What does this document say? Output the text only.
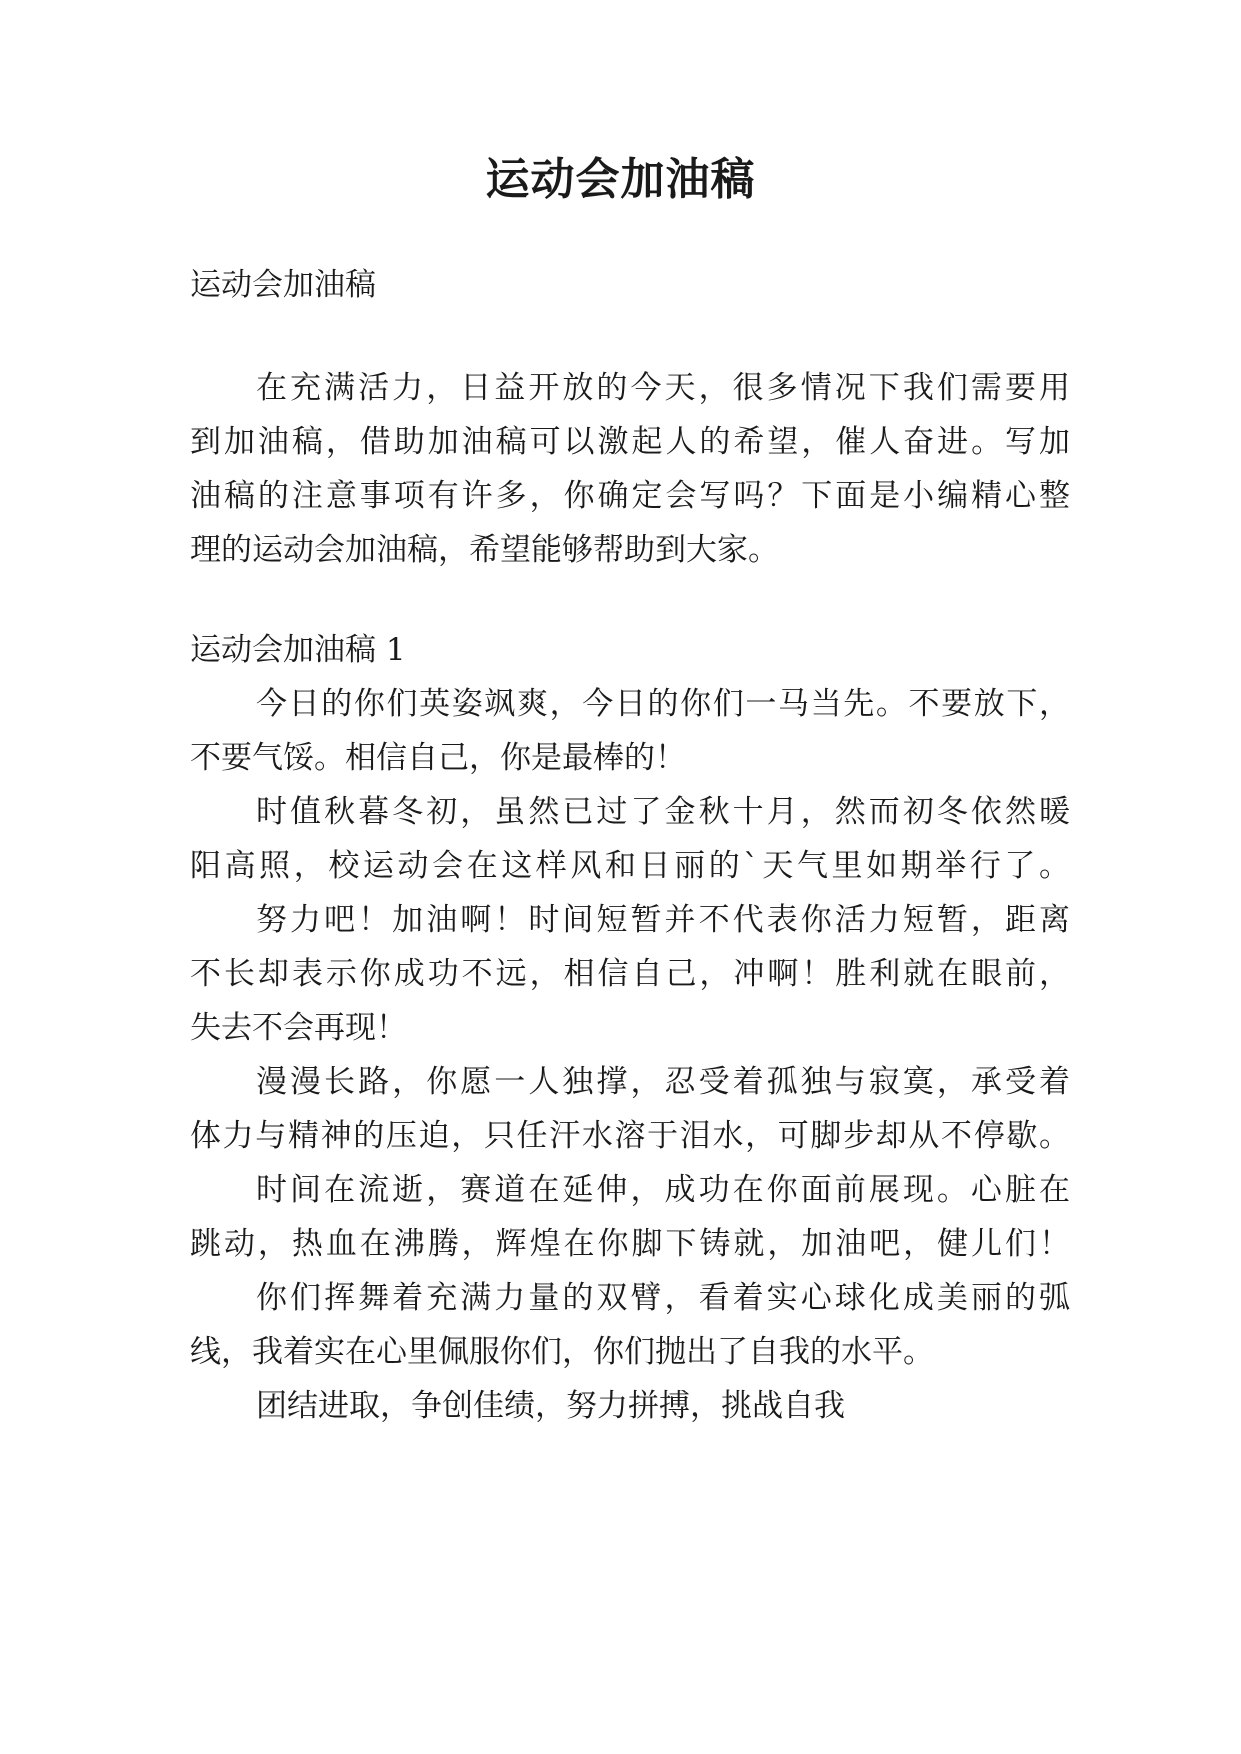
运动会加油稿

运动会加油稿

在充满活力，日益开放的今天，很多情况下我们需要用

到加油稿，借助加油稿可以激起人的希望，催人奋进。写加

油稿的注意事项有许多，你确定会写吗？下面是小编精心整

理的运动会加油稿，希望能够帮助到大家。

运动会加油稿 1

今日的你们英姿飒爽，今日的你们一马当先。不要放下，

不要气馁。相信自己，你是最棒的！

时值秋暮冬初，虽然已过了金秋十月，然而初冬依然暖

阳高照，校运动会在这样风和日丽的`天气里如期举行了。

努力吧！加油啊！时间短暂并不代表你活力短暂，距离

不长却表示你成功不远，相信自己，冲啊！胜利就在眼前，

失去不会再现！

漫漫长路，你愿一人独撑，忍受着孤独与寂寞，承受着

体力与精神的压迫，只任汗水溶于泪水，可脚步却从不停歇。

时间在流逝，赛道在延伸，成功在你面前展现。心脏在

跳动，热血在沸腾，辉煌在你脚下铸就，加油吧，健儿们！

你们挥舞着充满力量的双臂，看着实心球化成美丽的弧

线，我着实在心里佩服你们，你们抛出了自我的水平。

团结进取，争创佳绩，努力拼搏，挑战自我
